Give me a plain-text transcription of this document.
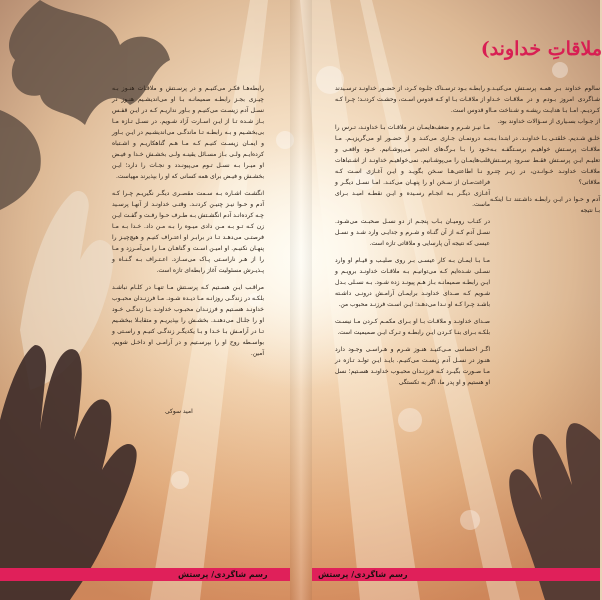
ملاقاتِ خداوند)

رابطه‌هـا فکـر می‌کنیـم و در پرسـتش و ملاقـات هنـوز بـه چیـزی بجـز رابطـه صمیمانـه بـا او می‌اندیشـیم هنـوز در نسـل آدم زیسـت می‌کنیـم و بـاور نداریـم کـه در ایـن قفـس بـاز شـده تـا از ایـن اسـارت آزاد شـویم. در نسـل تـازه مـا بی‌بخشـیم و بـه رابطـه تـا ماندگـی می‌اندیشـیم در ایـن بـاور و ایمـان زیسـت کنیـم کـه مـا هـم گناهکاریـم و اشـتباه کرده‌ایـم ولـی بـاز مسـائل یقینـه ولـی بخشـش خـدا و فیـض او میـرا بـه نسـل تـوم می‌پیونـدد و نجـات را دارد؛ ایـن بخشـش و فیـض برای همه کسانی که او را بپذیرند مهیاست.

انگشـت اشـاره بـه سـمت مقصـری دیگـر نگیریـم چـرا کـه آدم و حـوا نیـز چنیـن کردنـد. وقتـی خداونـد از آنهـا پرسـید چـه کرده‌انـد آدم انگشـتش بـه طـرف حـوا رفـت و گفـت ایـن زن کـه تـو بـه مـن دادی میـوه را بـه مـن داد. خـدا بـه مـا فرصتـی می‌دهـد تـا در برابـر او اعتـراف کنیـم و هیچ‌چیـز را پنهـان نکنیـم. او امیـن اسـت و گناهـان مـا را می‌آمـرزد و مـا را از هـر ناراسـتی پـاک می‌سـازد. اعـتـراف بـه گـنـاه و پـذیـرش مسئولیت آغاز رابطه‌ای تازه است.

مراقـب ایـن هسـتیم کـه پرسـتش مـا تنهـا در کلـام نباشـد بلکـه در زندگـی روزانـه مـا دیـده شـود. مـا فرزنـدان محبـوب خداونـد هسـتیم و فرزنـدان محبـوب خداونـد بـا زندگـی خـود او را جلـال می‌دهنـد. بخشـش را بپذیریـم و متقابـلا ببخشـیم تـا در آرامـش بـا خـدا و بـا یکدیگـر زندگـی کنیـم و راسـتی و بواسـطه روح او را بپرسـتیم و در آرامـی او داخـل شویم، آمین.

امید سوکی

و رابطـه بـود ترسـناک جلـوه کـرد، از حضـور خداونـد ترسـیدند و از ملاقـات بـا او کـه قدوس اسـت، وحشـت کردنـد؛ چـرا کـه او قدوس است.

مـا نیـز شـرم و ضعف‌هایمـان در ملاقـات بـا خداونـد، تـرس را بـه درونمـان جـاری می‌کنـد و از حضـور او می‌گریزیـم. مـا خـود را بـا بـرگ‌های انجیـر می‌پوشـانیم. خـود واقعـی و قلب‌هایمـان را می‌پوشـانیم. نمی‌خواهیـم خداونـد از اشـتباهات و نـا اطاعتی‌هـا سـخن بگویـد و ایـن آغـازی اسـت کـه فراغت‌مـان از سـخن او را پنهـان می‌کنـد. امـا نسـل دیگـر و آغـازی دیگـر بـه انجـام رسـیده و ایـن نقطـه امیـد بـرای ماست.

در کتـاب رومیـان بـاب پنجـم از دو نسـل صحبـت می‌شـود. نسـل آدم کـه از آن گنـاه و شـرم و جدایـی وارد شـد و نسـل عیسی که نتیجه آن پارسایی و ملاقاتی تازه است.

مـا بـا ایمـان بـه کار عیسـی بـر روی صلیـب و قیـام او وارد نسـلی شـده‌ایم کـه می‌توانیـم بـه ملاقـات خداونـد برویـم و ایـن رابطـه صمیمانـه بـاز هـم پیونـد زده شـود. بـه نسـلی بـدل شـویم کـه صـدای خداونـد برایمـان آرامـش درونـی داشـته باشـد چـرا کـه او نـدا می‌دهـد: ایـن اسـت فرزنـد محبوب من.

صـدای خداونـد و ملاقـات بـا او بـرای مکمـم کـردن مـا نیسـت بلکـه بـرای بنـا کـردن ایـن رابطـه و تـرک ایـن صمیمیت است.

اگـر احساسی مـی‌کنیـد هنـوز شـرم و هـراسـی وجـود دارد هنـوز در نسـل آدم زیسـت می‌کنیـم. بایـد ایـن تولـد تـازه در مـا صـورت بگیـرد کـه فرزنـدان محبـوب خداونـد هسـتیم؛ نسل او هستیم و او پدر ما، اگر به تکستگی

سالوم خداوند بـر همـه پرسـتش می‌کنیـد. شـاگردی امروز بـودم و در ملاقـات خـدا کـردیـم. امـا بـا هدایـت ریشـه و شـناخت مـا از جـواب بسـیاری از سـؤالات خداوند بود.

خلـق شـدیم. خلقتـی بـا خداونـد. در ابتـدا بـه ملاقـات پرسـتش خواهیـم برسـتگفـه بـه تعلیـم ایـن پرسـتش فقـط سـرود پرسـتش ملاقـات خداونـد خـوانـدن، در زیـر چتـر ملاقاتی؟

آدم و حـوا در ایـن رابطـه داشـتند تـا اینکـه بـا نتیجه

رسم شاگردی/ پرستش	رسم شاگردی/ پرستش
